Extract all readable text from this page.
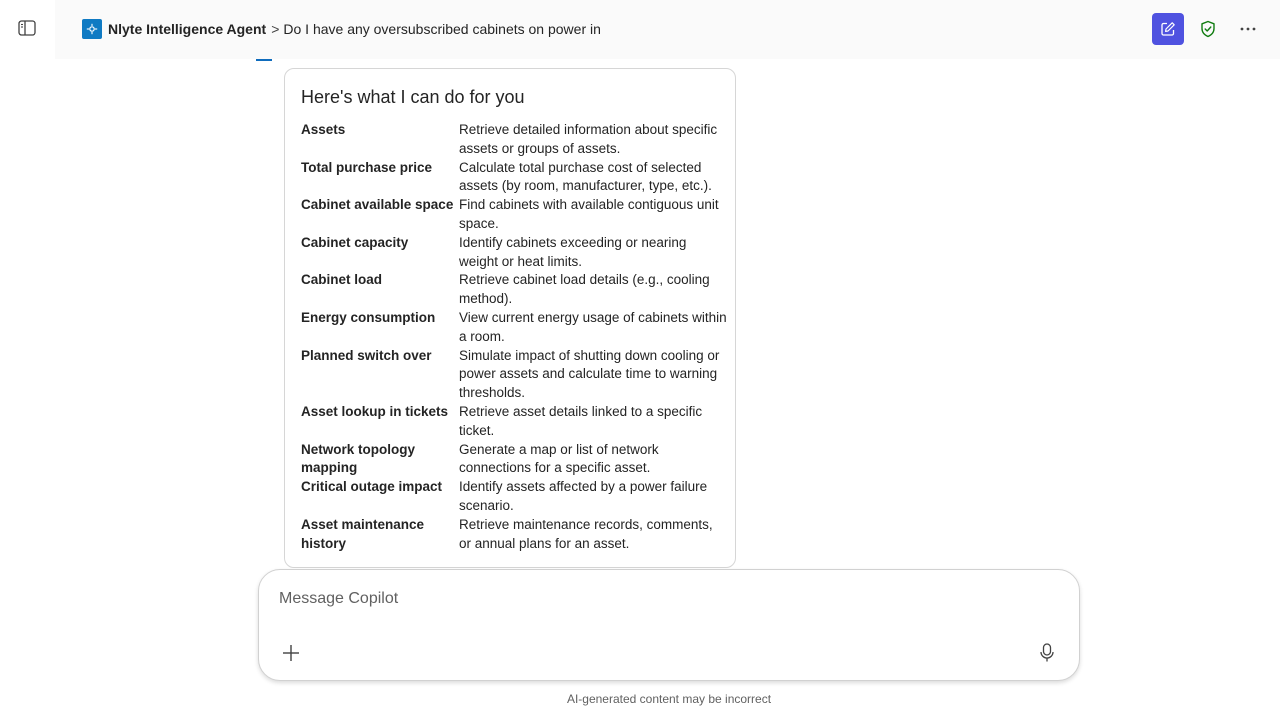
Nlyte Intelligence Agent > Do I have any oversubscribed cabinets on power in
Here's what I can do for you
Assets	Retrieve detailed information about specific assets or groups of assets.
Total purchase price	Calculate total purchase cost of selected assets (by room, manufacturer, type, etc.).
Cabinet available space	Find cabinets with available contiguous unit space.
Cabinet capacity	Identify cabinets exceeding or nearing weight or heat limits.
Cabinet load	Retrieve cabinet load details (e.g., cooling method).
Energy consumption	View current energy usage of cabinets within a room.
Planned switch over	Simulate impact of shutting down cooling or power assets and calculate time to warning thresholds.
Asset lookup in tickets	Retrieve asset details linked to a specific ticket.
Network topology mapping	Generate a map or list of network connections for a specific asset.
Critical outage impact	Identify assets affected by a power failure scenario.
Asset maintenance history	Retrieve maintenance records, comments, or annual plans for an asset.
Message Copilot
AI-generated content may be incorrect
